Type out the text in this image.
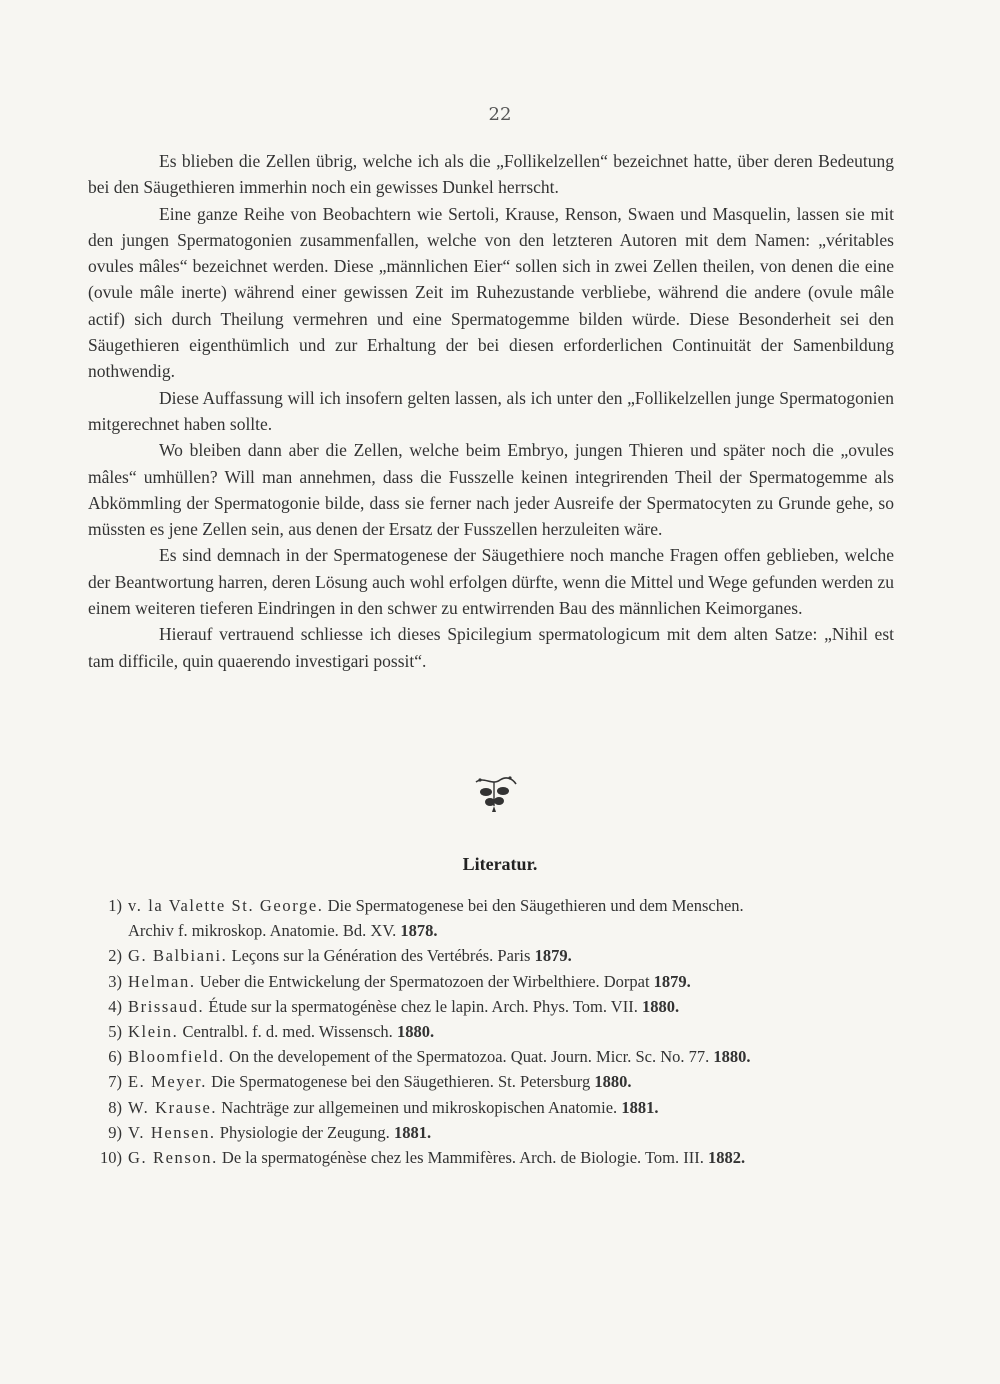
22

Es blieben die Zellen übrig, welche ich als die „Follikelzellen“ bezeichnet hatte, über deren Bedeutung bei den Säugethieren immerhin noch ein gewisses Dunkel herrscht.

Eine ganze Reihe von Beobachtern wie Sertoli, Krause, Renson, Swaen und Masquelin, lassen sie mit den jungen Spermatogonien zusammenfallen, welche von den letzteren Autoren mit dem Namen: „véritables ovules mâles“ bezeichnet werden. Diese „männlichen Eier“ sollen sich in zwei Zellen theilen, von denen die eine (ovule mâle inerte) während einer gewissen Zeit im Ruhezustande verbliebe, während die andere (ovule mâle actif) sich durch Theilung vermehren und eine Spermatogemme bilden würde. Diese Besonderheit sei den Säugethieren eigenthümlich und zur Erhaltung der bei diesen erforderlichen Continuität der Samenbildung nothwendig.

Diese Auffassung will ich insofern gelten lassen, als ich unter den „Follikelzellen junge Spermatogonien mitgerechnet haben sollte.

Wo bleiben dann aber die Zellen, welche beim Embryo, jungen Thieren und später noch die „ovules mâles“ umhüllen? Will man annehmen, dass die Fusszelle keinen integrirenden Theil der Spermatogemme als Abkömmling der Spermatogonie bilde, dass sie ferner nach jeder Ausreife der Spermatocyten zu Grunde gehe, so müssten es jene Zellen sein, aus denen der Ersatz der Fusszellen herzuleiten wäre.

Es sind demnach in der Spermatogenese der Säugethiere noch manche Fragen offen geblieben, welche der Beantwortung harren, deren Lösung auch wohl erfolgen dürfte, wenn die Mittel und Wege gefunden werden zu einem weiteren tieferen Eindringen in den schwer zu entwirrenden Bau des männlichen Keimorganes.

Hierauf vertrauend schliesse ich dieses Spicilegium spermatologicum mit dem alten Satze: „Nihil est tam difficile, quin quaerendo investigari possit“.

Literatur.
1) v. la Valette St. George. Die Spermatogenese bei den Säugethieren und dem Menschen.
Archiv f. mikroskop. Anatomie. Bd. XV. 1878.
2) G. Balbiani. Leçons sur la Génération des Vertébrés. Paris 1879.
3) Helman. Ueber die Entwickelung der Spermatozoen der Wirbelthiere. Dorpat 1879.
4) Brissaud. Étude sur la spermatogénèse chez le lapin. Arch. Phys. Tom. VII. 1880.
5) Klein. Centralbl. f. d. med. Wissensch. 1880.
6) Bloomfield. On the developement of the Spermatozoa. Quat. Journ. Micr. Sc. No. 77. 1880.
7) E. Meyer. Die Spermatogenese bei den Säugethieren. St. Petersburg 1880.
8) W. Krause. Nachträge zur allgemeinen und mikroskopischen Anatomie. 1881.
9) V. Hensen. Physiologie der Zeugung. 1881.
10) G. Renson. De la spermatogénèse chez les Mammifères. Arch. de Biologie. Tom. III. 1882.
